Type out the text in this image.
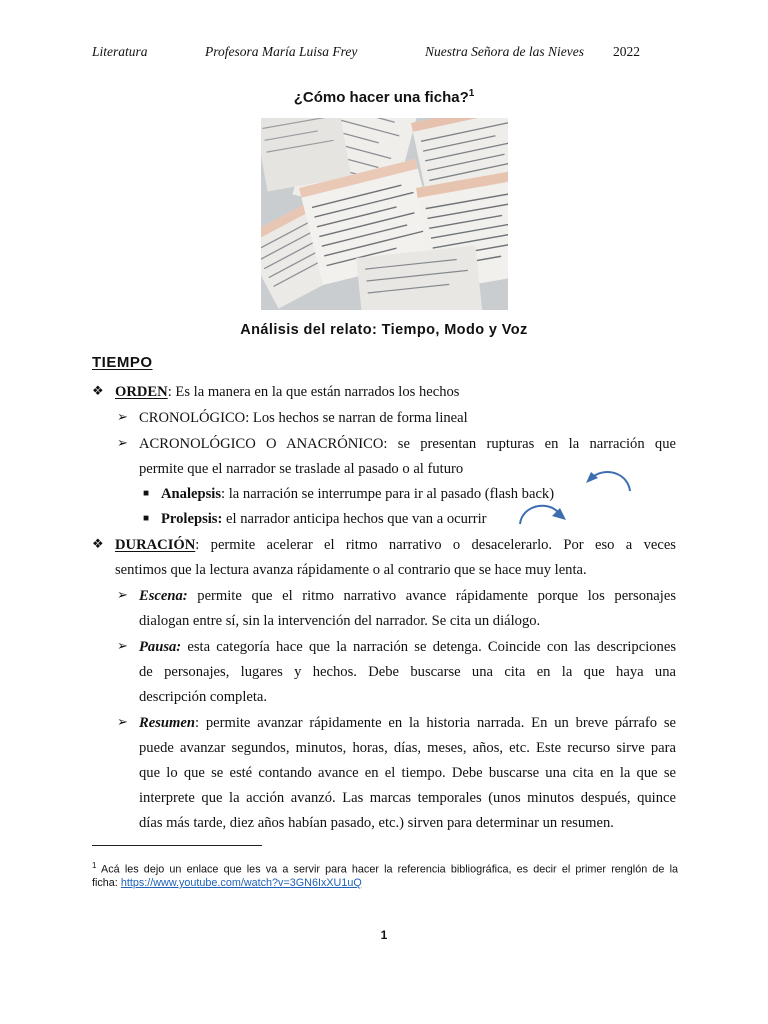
Literatura	Profesora María Luisa Frey	Nuestra Señora de las Nieves 2022
¿Cómo hacer una ficha?$^1$
Análisis del relato: Tiempo, Modo y Voz
TIEMPO
❖ ORDEN: Es la manera en la que están narrados los hechos
➢ CRONOLÓGICO: Los hechos se narran de forma lineal
➢ ACRONOLÓGICO O ANACRÓNICO: se presentan rupturas en la narración que
permite que el narrador se traslade al pasado o al futuro
■ Analepsis: la narración se interrumpe para ir al pasado (flash back)
■ Prolepsis: el narrador anticipa hechos que van a ocurrir
❖ DURACIÓN: permite acelerar el ritmo narrativo o desacelerarlo. Por eso a veces
sentimos que la lectura avanza rápidamente o al contrario que se hace muy lenta.
➢ Escena: permite que el ritmo narrativo avance rápidamente porque los personajes
dialogan entre sí, sin la intervención del narrador. Se cita un diálogo.
➢ Pausa: esta categoría hace que la narración se detenga. Coincide con las descripciones
de personajes, lugares y hechos. Debe buscarse una cita en la que haya una
descripción completa.
➢ Resumen: permite avanzar rápidamente en la historia narrada. En un breve párrafo se
puede avanzar segundos, minutos, horas, días, meses, años, etc. Este recurso sirve para
que lo que se esté contando avance en el tiempo. Debe buscarse una cita en la que se
interprete que la acción avanzó. Las marcas temporales (unos minutos después, quince
días más tarde, diez años habían pasado, etc.) sirven para determinar un resumen.
$^1$ Acá les dejo un enlace que les va a servir para hacer la referencia bibliográfica, es decir el primer renglón de la
ficha: https://www.youtube.com/watch?v=3GN6IxXU1uQ
1
